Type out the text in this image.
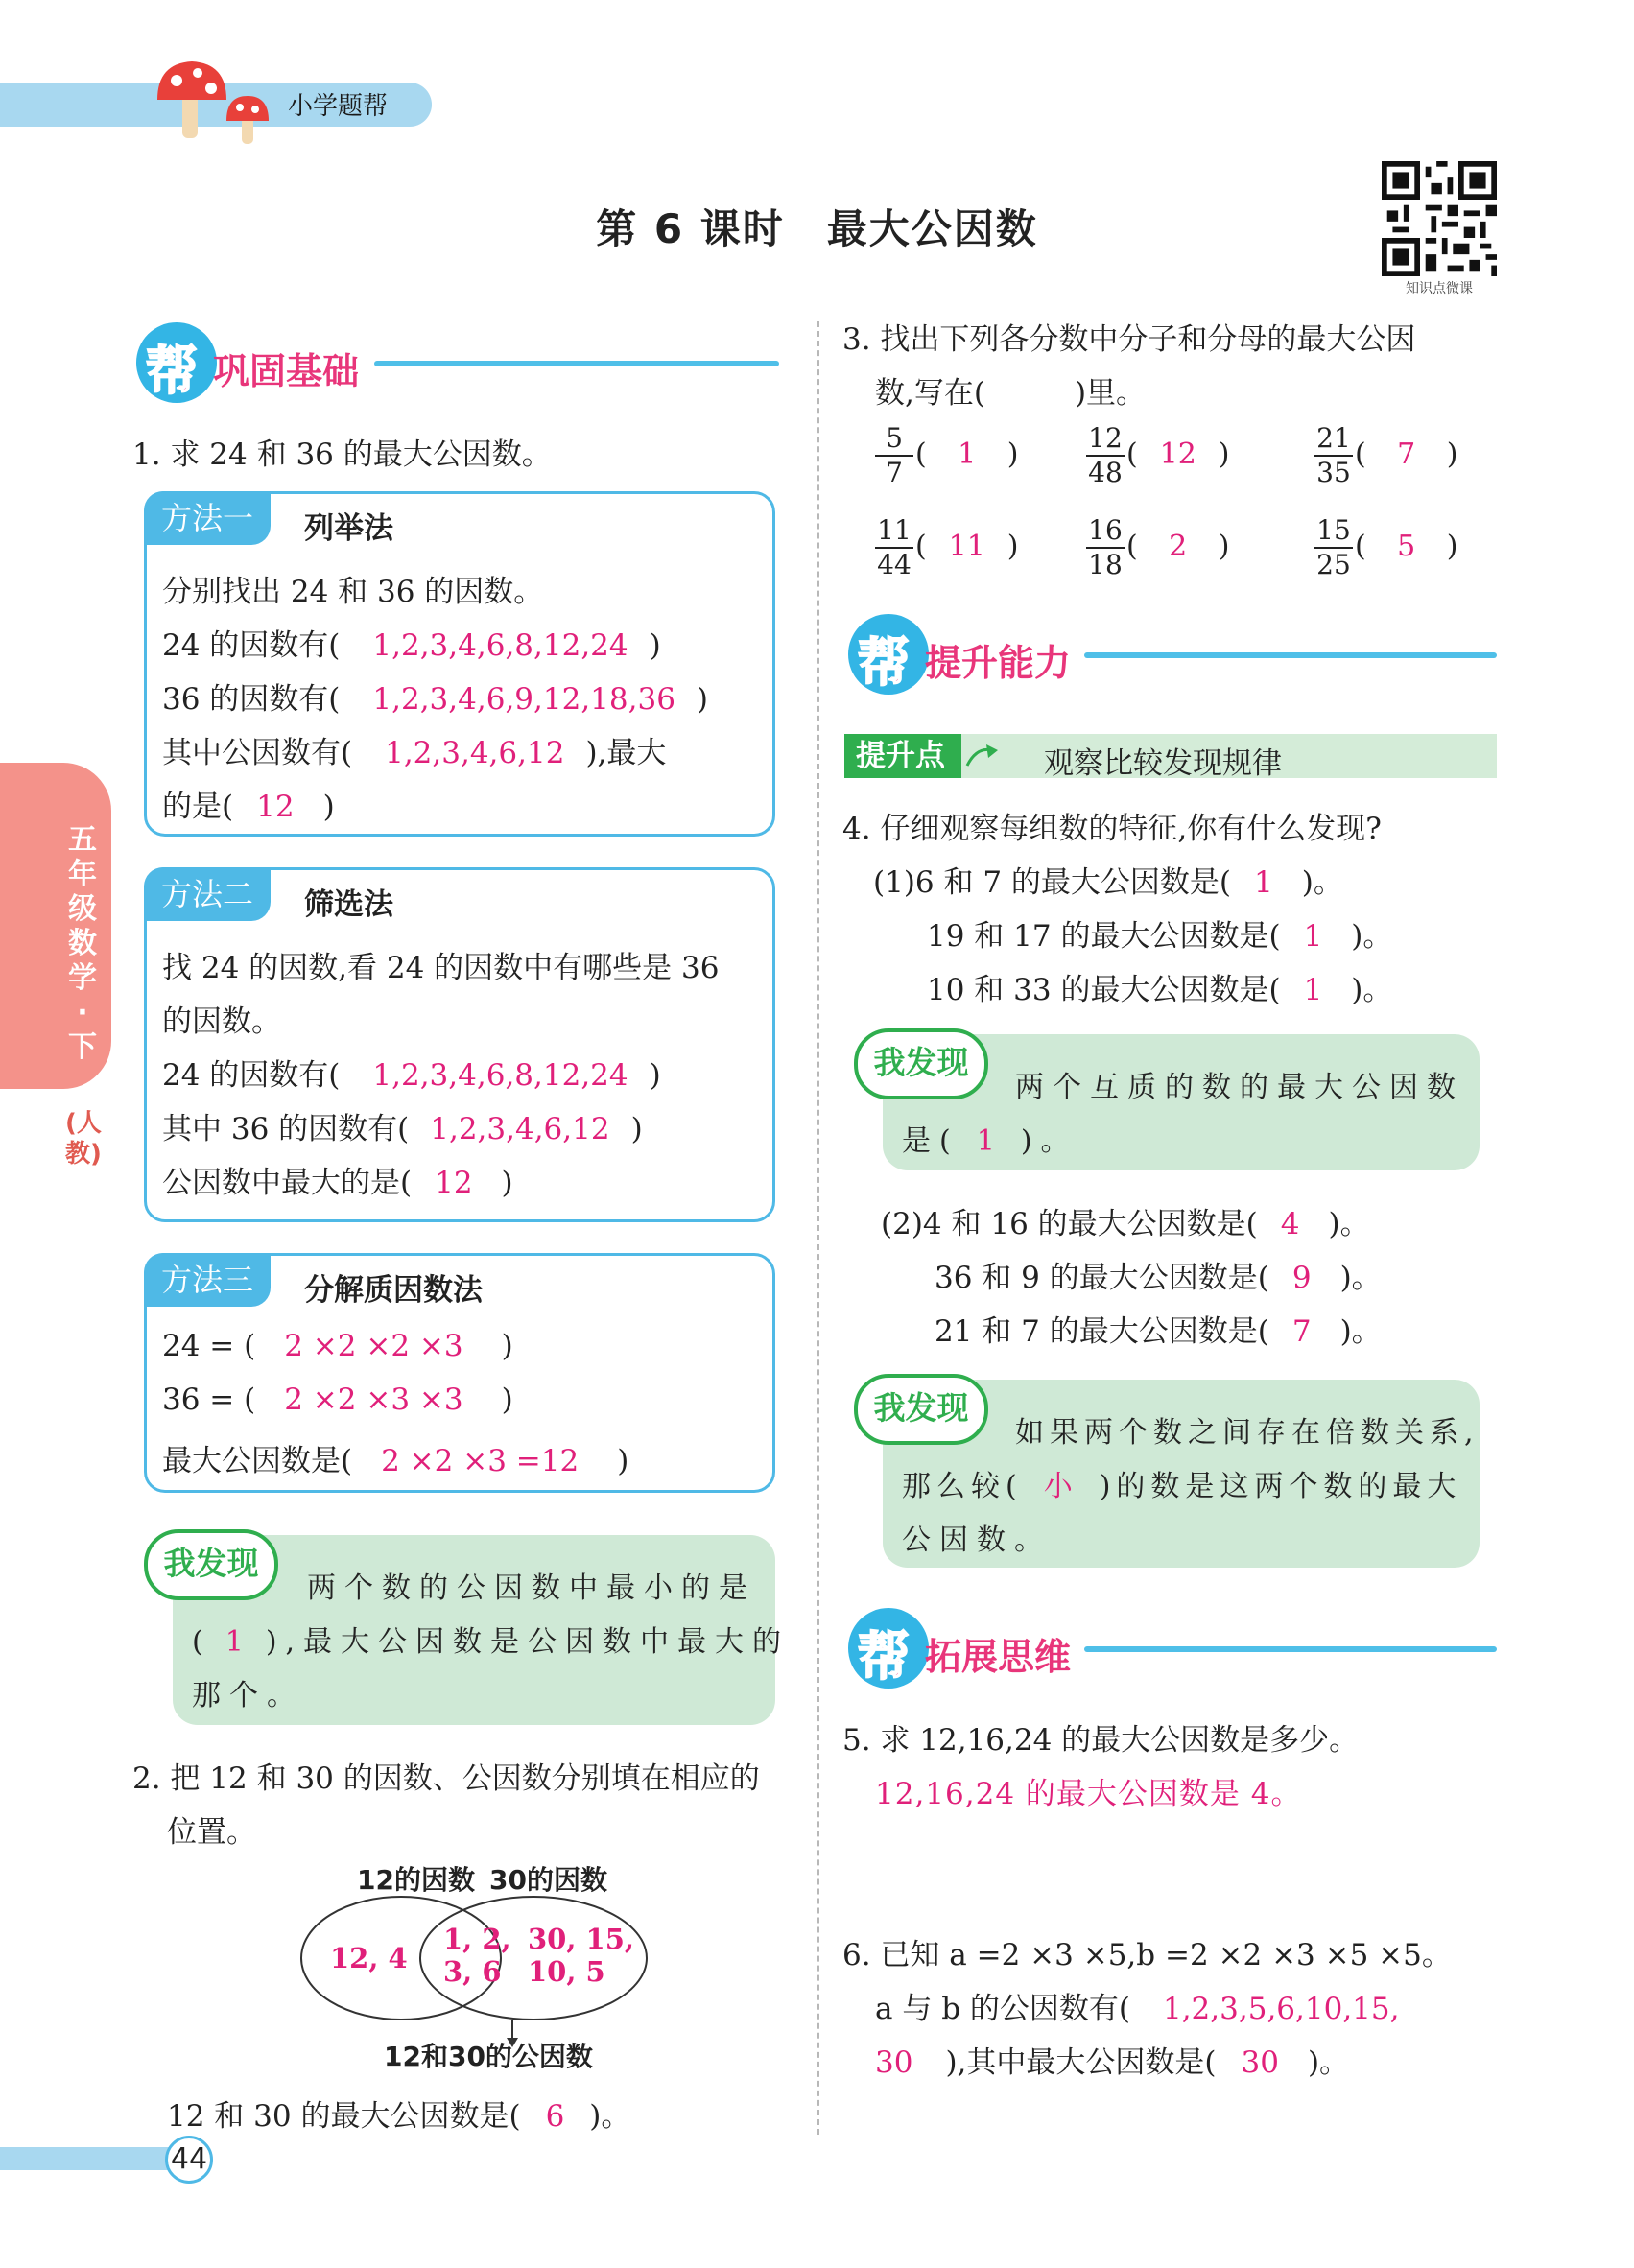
小学题帮
第 6 课时　最大公因数
知识点微课
五年级数学·下
(人教)
帮 巩固基础
1. 求 24 和 36 的最大公因数。
方法一	列举法
分别找出 24 和 36 的因数。
24 的因数有( 1,2,3,4,6,8,12,24 )
36 的因数有( 1,2,3,4,6,9,12,18,36 )
其中公因数有( 1,2,3,4,6,12 ),最大
的是( 12 )
方法二	筛选法
找 24 的因数,看 24 的因数中有哪些是 36
的因数。
24 的因数有( 1,2,3,4,6,8,12,24 )
其中 36 的因数有( 1,2,3,4,6,12 )
公因数中最大的是( 12 )
方法三	分解质因数法
24 = ( 2 ×2 ×2 ×3 )
36 = ( 2 ×2 ×3 ×3 )
最大公因数是( 2 ×2 ×3 =12 )
两个数的公因数中最小的是
( 1 ),最大公因数是公因数中最大的
那个。
我发现
2. 把 12 和 30 的因数、公因数分别填在相应的
位置。
12的因数 30的因数
12, 4
1, 2,
3, 6
30, 15,
10, 5
12和30的公因数
12 和 30 的最大公因数是( 6 )。
3. 找出下列各分数中分子和分母的最大公因
数,写在(　　　)里。
$\frac{5}{7}$ ( 1 )	$\frac{12}{48}$ ( 12 )	$\frac{21}{35}$ ( 7 )
$\frac{11}{44}$ ( 11 )	$\frac{16}{18}$ ( 2 )	$\frac{15}{25}$ ( 5 )
帮 提升能力
提升点	观察比较发现规律
4. 仔细观察每组数的特征,你有什么发现?
(1)6 和 7 的最大公因数是( 1 )。
19 和 17 的最大公因数是( 1 )。
10 和 33 的最大公因数是( 1 )。
两个互质的数的最大公因数
是( 1 )。
我发现
(2)4 和 16 的最大公因数是( 4 )。
36 和 9 的最大公因数是( 9 )。
21 和 7 的最大公因数是( 7 )。
如果两个数之间存在倍数关系,
那么较( 小 )的数是这两个数的最大
公因数。
我发现
帮 拓展思维
5. 求 12,16,24 的最大公因数是多少。
12,16,24 的最大公因数是 4。
6. 已知 a =2 ×3 ×5,b =2 ×2 ×3 ×5 ×5。
a 与 b 的公因数有( 1,2,3,5,6,10,15,
30 ),其中最大公因数是( 30 )。
44
